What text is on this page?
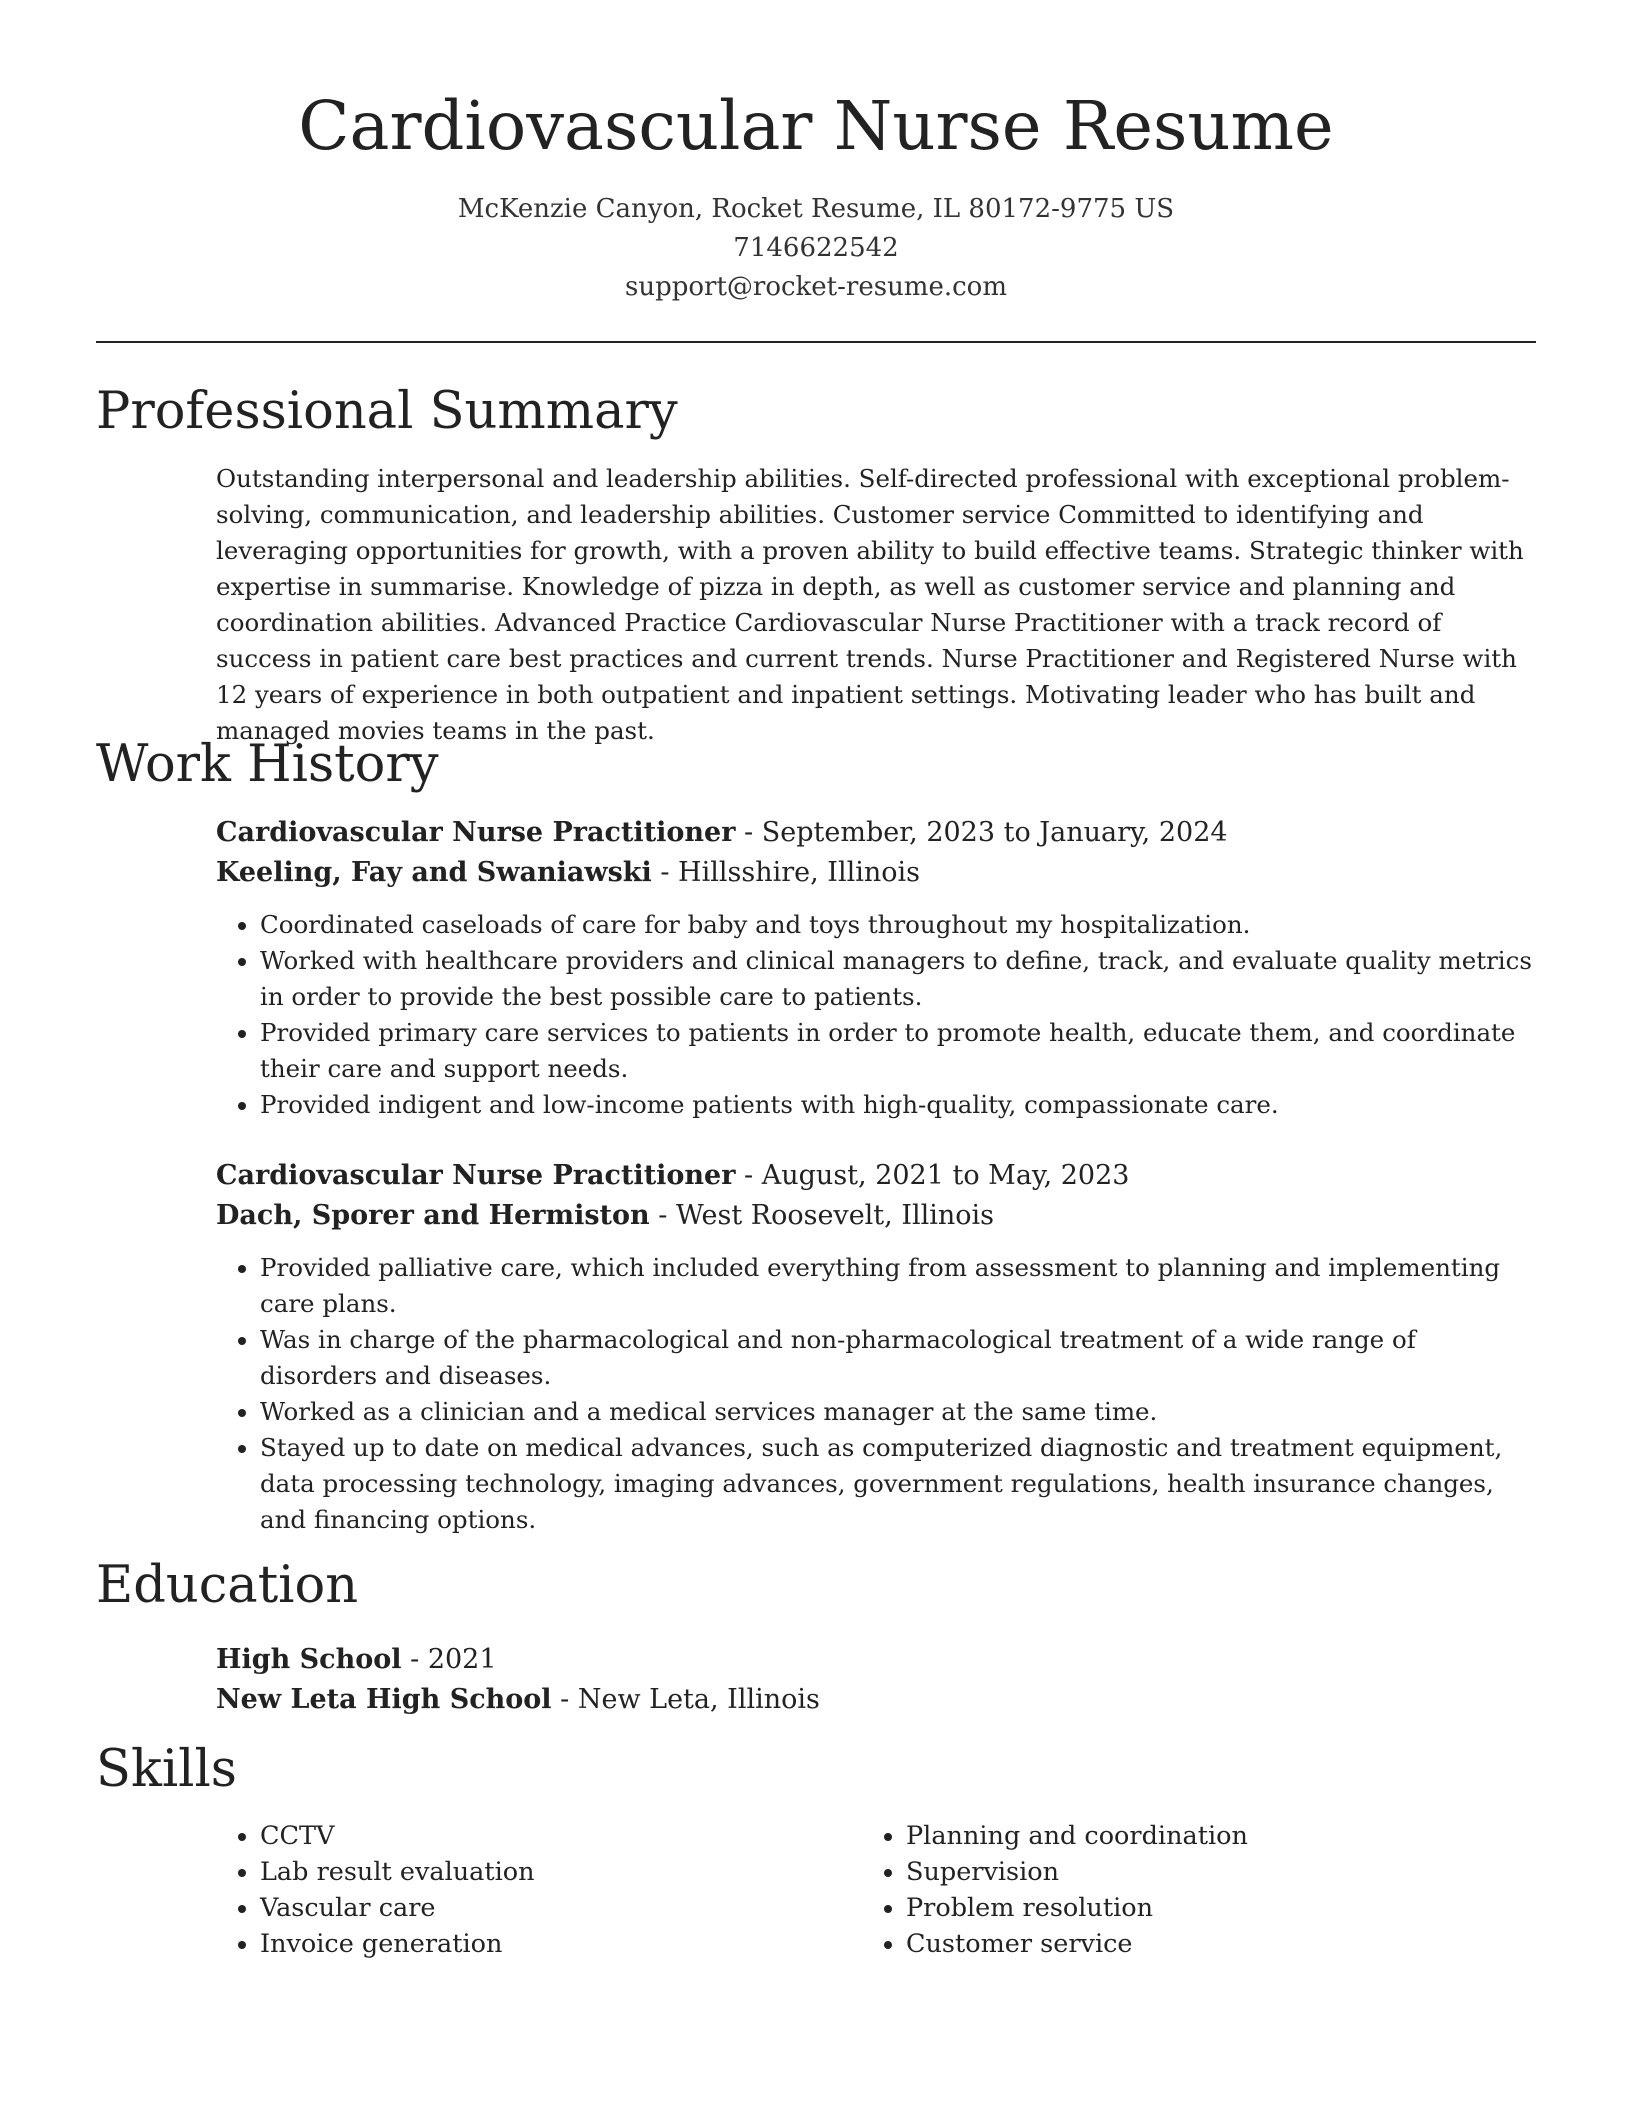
Cardiovascular Nurse Resume
McKenzie Canyon, Rocket Resume, IL 80172-9775 US
7146622542
support@rocket-resume.com
Professional Summary

Outstanding interpersonal and leadership abilities. Self-directed professional with exceptional problem-solving, communication, and leadership abilities. Customer service Committed to identifying and leveraging opportunities for growth, with a proven ability to build effective teams. Strategic thinker with expertise in summarise. Knowledge of pizza in depth, as well as customer service and planning and coordination abilities. Advanced Practice Cardiovascular Nurse Practitioner with a track record of success in patient care best practices and current trends. Nurse Practitioner and Registered Nurse with 12 years of experience in both outpatient and inpatient settings. Motivating leader who has built and managed movies teams in the past.

Work History
Cardiovascular Nurse Practitioner - September, 2023 to January, 2024
Keeling, Fay and Swaniawski - Hillsshire, Illinois
• Coordinated caseloads of care for baby and toys throughout my hospitalization.
• Worked with healthcare providers and clinical managers to define, track, and evaluate quality metrics in order to provide the best possible care to patients.
• Provided primary care services to patients in order to promote health, educate them, and coordinate their care and support needs.
• Provided indigent and low-income patients with high-quality, compassionate care.
Cardiovascular Nurse Practitioner - August, 2021 to May, 2023
Dach, Sporer and Hermiston - West Roosevelt, Illinois
• Provided palliative care, which included everything from assessment to planning and implementing care plans.
• Was in charge of the pharmacological and non-pharmacological treatment of a wide range of disorders and diseases.
• Worked as a clinician and a medical services manager at the same time.
• Stayed up to date on medical advances, such as computerized diagnostic and treatment equipment, data processing technology, imaging advances, government regulations, health insurance changes, and financing options.
Education
High School - 2021
New Leta High School - New Leta, Illinois
Skills
• CCTV
• Lab result evaluation
• Vascular care
• Invoice generation
• Planning and coordination
• Supervision
• Problem resolution
• Customer service
